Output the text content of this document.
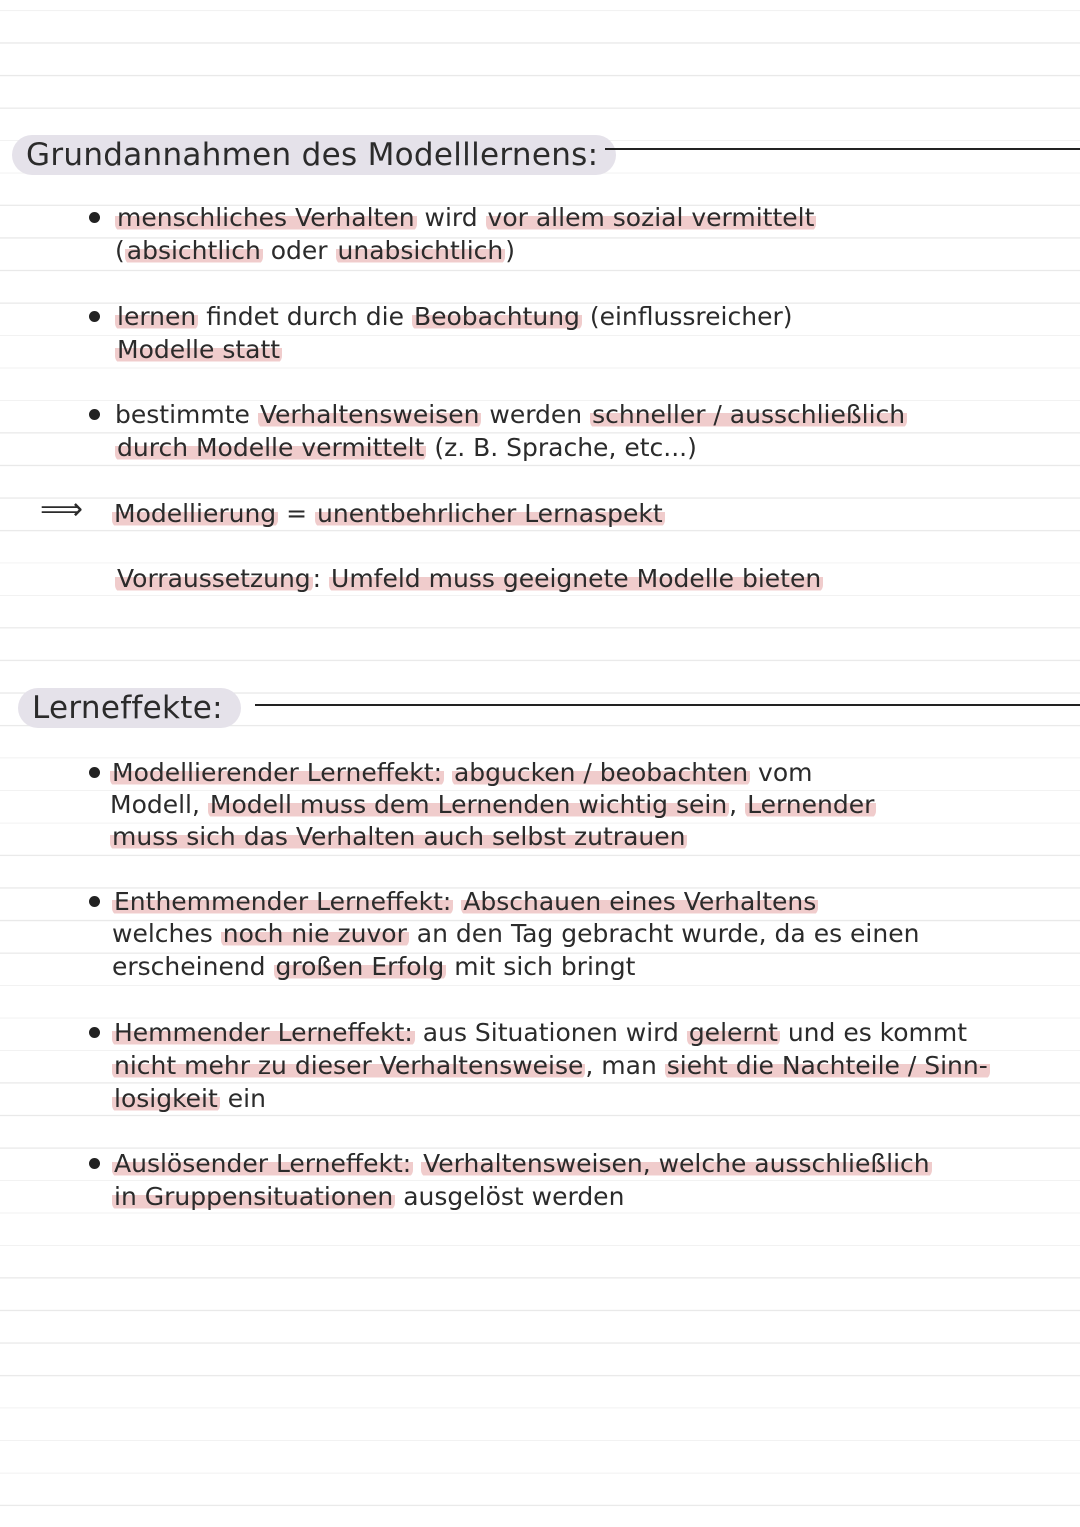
Grundannahmen des Modelllernens:
menschliches Verhalten wird vor allem sozial vermittelt
(absichtlich oder unabsichtlich)
lernen findet durch die Beobachtung (einflussreicher)
Modelle statt
bestimmte Verhaltensweisen werden schneller / ausschließlich
durch Modelle vermittelt (z. B. Sprache, etc...)
⟹ Modellierung = unentbehrlicher Lernaspekt
Vorraussetzung: Umfeld muss geeignete Modelle bieten
Lerneffekte:
Modellierender Lerneffekt: abgucken / beobachten vom
Modell, Modell muss dem Lernenden wichtig sein, Lernender
muss sich das Verhalten auch selbst zutrauen
Enthemmender Lerneffekt: Abschauen eines Verhaltens
welches noch nie zuvor an den Tag gebracht wurde, da es einen
erscheinend großen Erfolg mit sich bringt
Hemmender Lerneffekt: aus Situationen wird gelernt und es kommt
nicht mehr zu dieser Verhaltensweise, man sieht die Nachteile / Sinn-
losigkeit ein
Auslösender Lerneffekt: Verhaltensweisen, welche ausschließlich
in Gruppensituationen ausgelöst werden
